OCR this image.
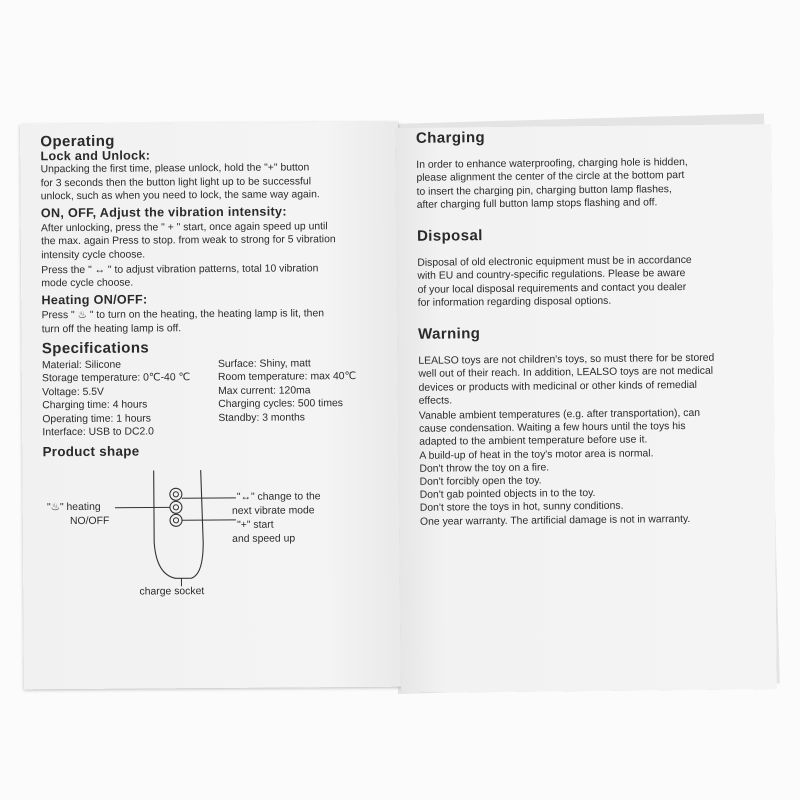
Operating
Lock and Unlock:

Unpacking the first time, please unlock, hold the "+" button
for 3 seconds then the button light light up to be successful
unlock, such as when you need to lock, the same way again.

ON, OFF, Adjust the vibration intensity:

After unlocking, press the " + " start, once again speed up until
the max. again Press to stop. from weak to strong for 5 vibration
intensity cycle choose.

Press the " ↔ " to adjust vibration patterns, total 10 vibration
mode cycle choose.

Heating ON/OFF:

Press " ♨ " to turn on the heating, the heating lamp is lit, then
turn off the heating lamp is off.

Specifications
Material: Silicone
Storage temperature: 0℃-40 ℃
Voltage: 5.5V
Charging time: 4 hours
Operating time: 1 hours
Interface: USB to DC2.0
Surface: Shiny, matt
Room temperature: max 40℃
Max current: 120ma
Charging cycles: 500 times
Standby: 3 months
Product shape
"♨" heating
NO/OFF
"↔" change to the
next vibrate mode
"+" start
and speed up
charge socket
Charging

In order to enhance waterproofing, charging hole is hidden,
please alignment the center of the circle at the bottom part
to insert the charging pin, charging button lamp flashes,
after charging full button lamp stops flashing and off.

Disposal

Disposal of old electronic equipment must be in accordance
with EU and country-specific regulations. Please be aware
of your local disposal requirements and contact you dealer
for information regarding disposal options.

Warning

LEALSO toys are not children's toys, so must there for be stored
well out of their reach. In addition, LEALSO toys are not medical
devices or products with medicinal or other kinds of remedial
effects.

Vanable ambient temperatures (e.g. after transportation), can
cause condensation. Waiting a few hours until the toys his
adapted to the ambient temperature before use it.
A build-up of heat in the toy's motor area is normal.
Don't throw the toy on a fire.
Don't forcibly open the toy.
Don't gab pointed objects in to the toy.
Don't store the toys in hot, sunny conditions.
One year warranty. The artificial damage is not in warranty.
